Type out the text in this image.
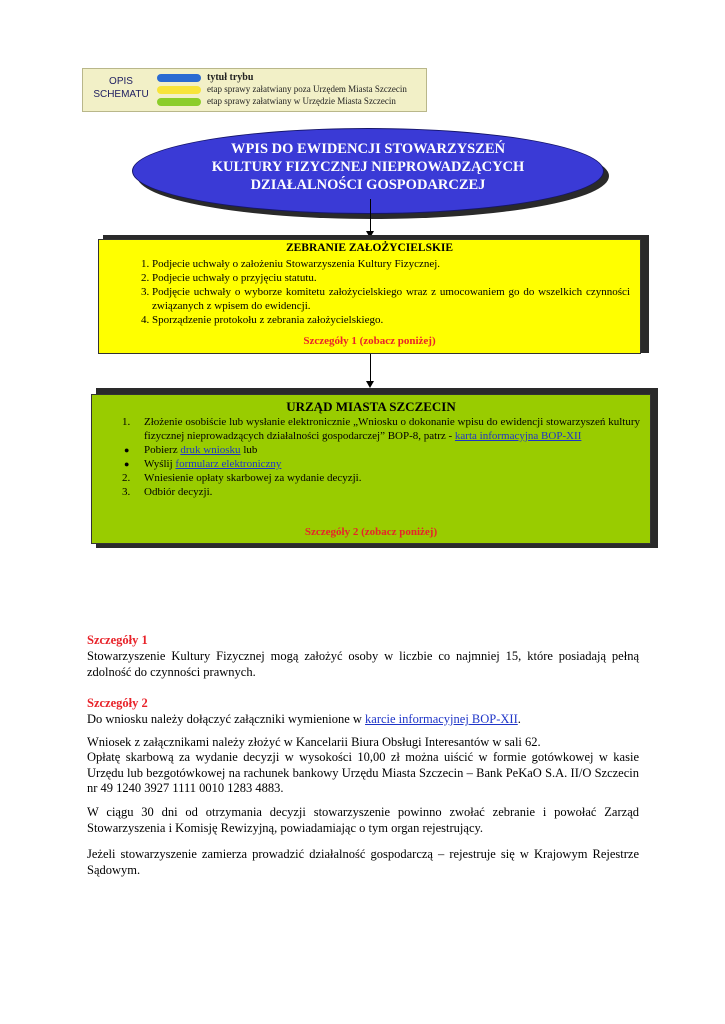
OPIS SCHEMATU
tytuł trybu
etap sprawy załatwiany poza Urzędem Miasta Szczecin
etap sprawy załatwiany w Urzędzie Miasta Szczecin
WPIS DO EWIDENCJI STOWARZYSZEŃ
KULTURY FIZYCZNEJ NIEPROWADZĄCYCH
DZIAŁALNOŚCI GOSPODARCZEJ
ZEBRANIE ZAŁOŻYCIELSKIE
1. Podjecie uchwały o założeniu Stowarzyszenia Kultury Fizycznej.
2. Podjecie uchwały o przyjęciu statutu.
3. Podjęcie uchwały o wyborze komitetu założycielskiego wraz z umocowaniem go do wszelkich czynności związanych z wpisem do ewidencji.
4. Sporządzenie protokołu z zebrania założycielskiego.
Szczegóły 1 (zobacz poniżej)
URZĄD MIASTA SZCZECIN
1. Złożenie osobiście lub wysłanie elektronicznie „Wniosku o dokonanie wpisu do ewidencji stowarzyszeń kultury fizycznej nieprowadzących działalności gospodarczej” BOP-8, patrz - karta informacyjna BOP-XII
● Pobierz druk wniosku lub
● Wyślij formularz elektroniczny
2. Wniesienie opłaty skarbowej za wydanie decyzji.
3. Odbiór decyzji.
Szczegóły 2 (zobacz poniżej)
Szczegóły 1
Stowarzyszenie Kultury Fizycznej mogą założyć osoby w liczbie co najmniej 15, które posiadają pełną zdolność do czynności prawnych.
Szczegóły 2
Do wniosku należy dołączyć załączniki wymienione w karcie informacyjnej BOP-XII.
Wniosek z załącznikami należy złożyć w Kancelarii Biura Obsługi Interesantów w sali 62.
Opłatę skarbową za wydanie decyzji w wysokości 10,00 zł można uiścić w formie gotówkowej w kasie Urzędu lub bezgotówkowej na rachunek bankowy Urzędu Miasta Szczecin – Bank PeKaO S.A. II/O Szczecin nr 49 1240 3927 1111 0010 1283 4883.
W ciągu 30 dni od otrzymania decyzji stowarzyszenie powinno zwołać zebranie i powołać Zarząd Stowarzyszenia i Komisję Rewizyjną, powiadamiając o tym organ rejestrujący.
Jeżeli stowarzyszenie zamierza prowadzić działalność gospodarczą – rejestruje się w Krajowym Rejestrze Sądowym.
